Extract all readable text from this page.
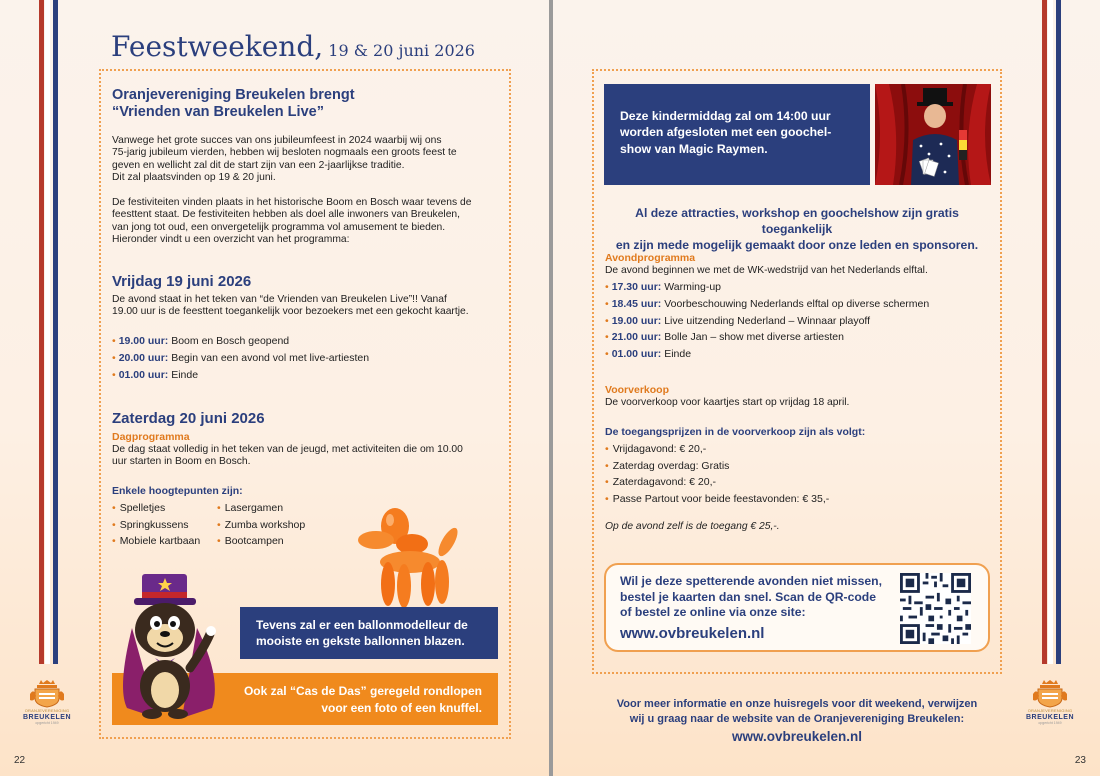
ORANJEVERENIGING
BREUKELEN
opgericht 1949
22
Feestweekend, 19 & 20 juni 2026
Oranjevereniging Breukelen brengt
“Vrienden van Breukelen Live”
Vanwege het grote succes van ons jubileumfeest in 2024 waarbij wij ons
75-jarig jubileum vierden, hebben wij besloten nogmaals een groots feest te
geven en wellicht zal dit de start zijn van een 2-jaarlijkse traditie.
Dit zal plaatsvinden op 19 & 20 juni.
De festiviteiten vinden plaats in het historische Boom en Bosch waar tevens de
feesttent staat. De festiviteiten hebben als doel alle inwoners van Breukelen,
van jong tot oud, een onvergetelijk programma vol amusement te bieden.
Hieronder vindt u een overzicht van het programma:
Vrijdag 19 juni 2026
De avond staat in het teken van “de Vrienden van Breukelen Live”!! Vanaf
19.00 uur is de feesttent toegankelijk voor bezoekers met een gekocht kaartje.
• 19.00 uur: Boom en Bosch geopend
• 20.00 uur: Begin van een avond vol met live-artiesten
• 01.00 uur: Einde
Zaterdag 20 juni 2026
Dagprogramma
De dag staat volledig in het teken van de jeugd, met activiteiten die om 10.00
uur starten in Boom en Bosch.
Enkele hoogtepunten zijn:
• Spelletjes
• Springkussens
• Mobiele kartbaan
• Lasergamen
• Zumba workshop
• Bootcampen
Tevens zal er een ballonmodelleur de
mooiste en gekste ballonnen blazen.
Ook zal “Cas de Das” geregeld rondlopen
voor een foto of een knuffel.	ORANJEVERENIGING
BREUKELEN
opgericht 1949
23
Deze kindermiddag zal om 14:00 uur
worden afgesloten met een goochel-
show van Magic Raymen.
Al deze attracties, workshop en goochelshow zijn gratis toegankelijk
en zijn mede mogelijk gemaakt door onze leden en sponsoren.
Avondprogramma
De avond beginnen we met de WK-wedstrijd van het Nederlands elftal.
• 17.30 uur: Warming-up
• 18.45 uur: Voorbeschouwing Nederlands elftal op diverse schermen
• 19.00 uur: Live uitzending Nederland – Winnaar playoff
• 21.00 uur: Bolle Jan – show met diverse artiesten
• 01.00 uur: Einde
Voorverkoop
De voorverkoop voor kaartjes start op vrijdag 18 april.
De toegangsprijzen in de voorverkoop zijn als volgt:
• Vrijdagavond: € 20,-
• Zaterdag overdag: Gratis
• Zaterdagavond: € 20,-
• Passe Partout voor beide feestavonden: € 35,-
Op de avond zelf is de toegang € 25,-.
Wil je deze spetterende avonden niet missen,
bestel je kaarten dan snel. Scan de QR-code
of bestel ze online via onze site:
www.ovbreukelen.nl
Voor meer informatie en onze huisregels voor dit weekend, verwijzen
wij u graag naar de website van de Oranjevereniging Breukelen:
www.ovbreukelen.nl
